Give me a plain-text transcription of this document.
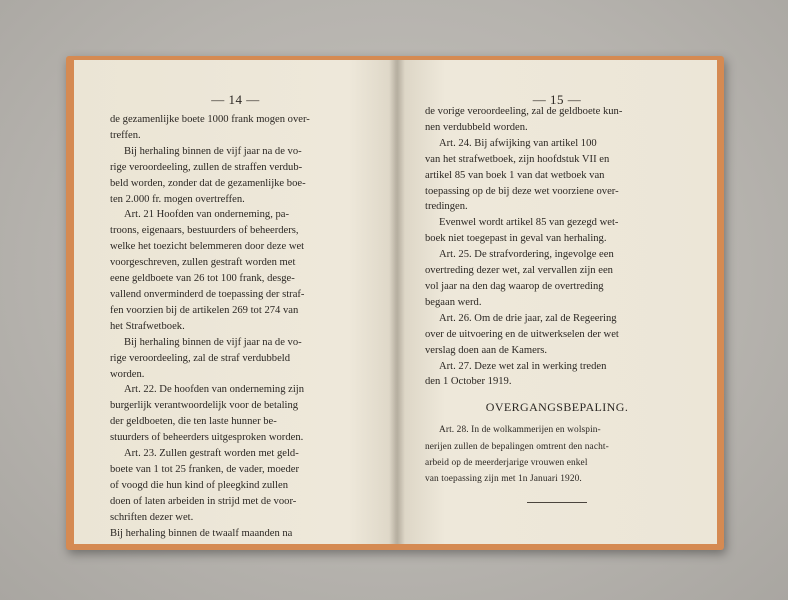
— 14 —
de gezamenlijke boete 1000 frank mogen over-
treffen.
Bij herhaling binnen de vijf jaar na de vo-
rige veroordeeling, zullen de straffen verdub-
beld worden, zonder dat de gezamenlijke boe-
ten 2.000 fr. mogen overtreffen.
Art. 21 Hoofden van onderneming, pa-
troons, eigenaars, bestuurders of beheerders,
welke het toezicht belemmeren door deze wet
voorgeschreven, zullen gestraft worden met
eene geldboete van 26 tot 100 frank, desge-
vallend onverminderd de toepassing der straf-
fen voorzien bij de artikelen 269 tot 274 van
het Strafwetboek.
Bij herhaling binnen de vijf jaar na de vo-
rige veroordeeling, zal de straf verdubbeld
worden.
Art. 22. De hoofden van onderneming zijn
burgerlijk verantwoordelijk voor de betaling
der geldboeten, die ten laste hunner be-
stuurders of beheerders uitgesproken worden.
Art. 23. Zullen gestraft worden met geld-
boete van 1 tot 25 franken, de vader, moeder
of voogd die hun kind of pleegkind zullen
doen of laten arbeiden in strijd met de voor-
schriften dezer wet.
Bij herhaling binnen de twaalf maanden na
— 15 —
de vorige veroordeeling, zal de geldboete kun-
nen verdubbeld worden.
Art. 24. Bij afwijking van artikel 100
van het strafwetboek, zijn hoofdstuk VII en
artikel 85 van boek 1 van dat wetboek van
toepassing op de bij deze wet voorziene over-
tredingen.
Evenwel wordt artikel 85 van gezegd wet-
boek niet toegepast in geval van herhaling.
Art. 25. De strafvordering, ingevolge een
overtreding dezer wet, zal vervallen zijn een
vol jaar na den dag waarop de overtreding
begaan werd.
Art. 26. Om de drie jaar, zal de Regeering
over de uitvoering en de uitwerkselen der wet
verslag doen aan de Kamers.
Art. 27. Deze wet zal in werking treden
den 1 October 1919.
OVERGANGSBEPALING.
Art. 28. In de wolkammerijen en wolspin-
nerijen zullen de bepalingen omtrent den nacht-
arbeid op de meerderjarige vrouwen enkel
van toepassing zijn met 1n Januari 1920.
